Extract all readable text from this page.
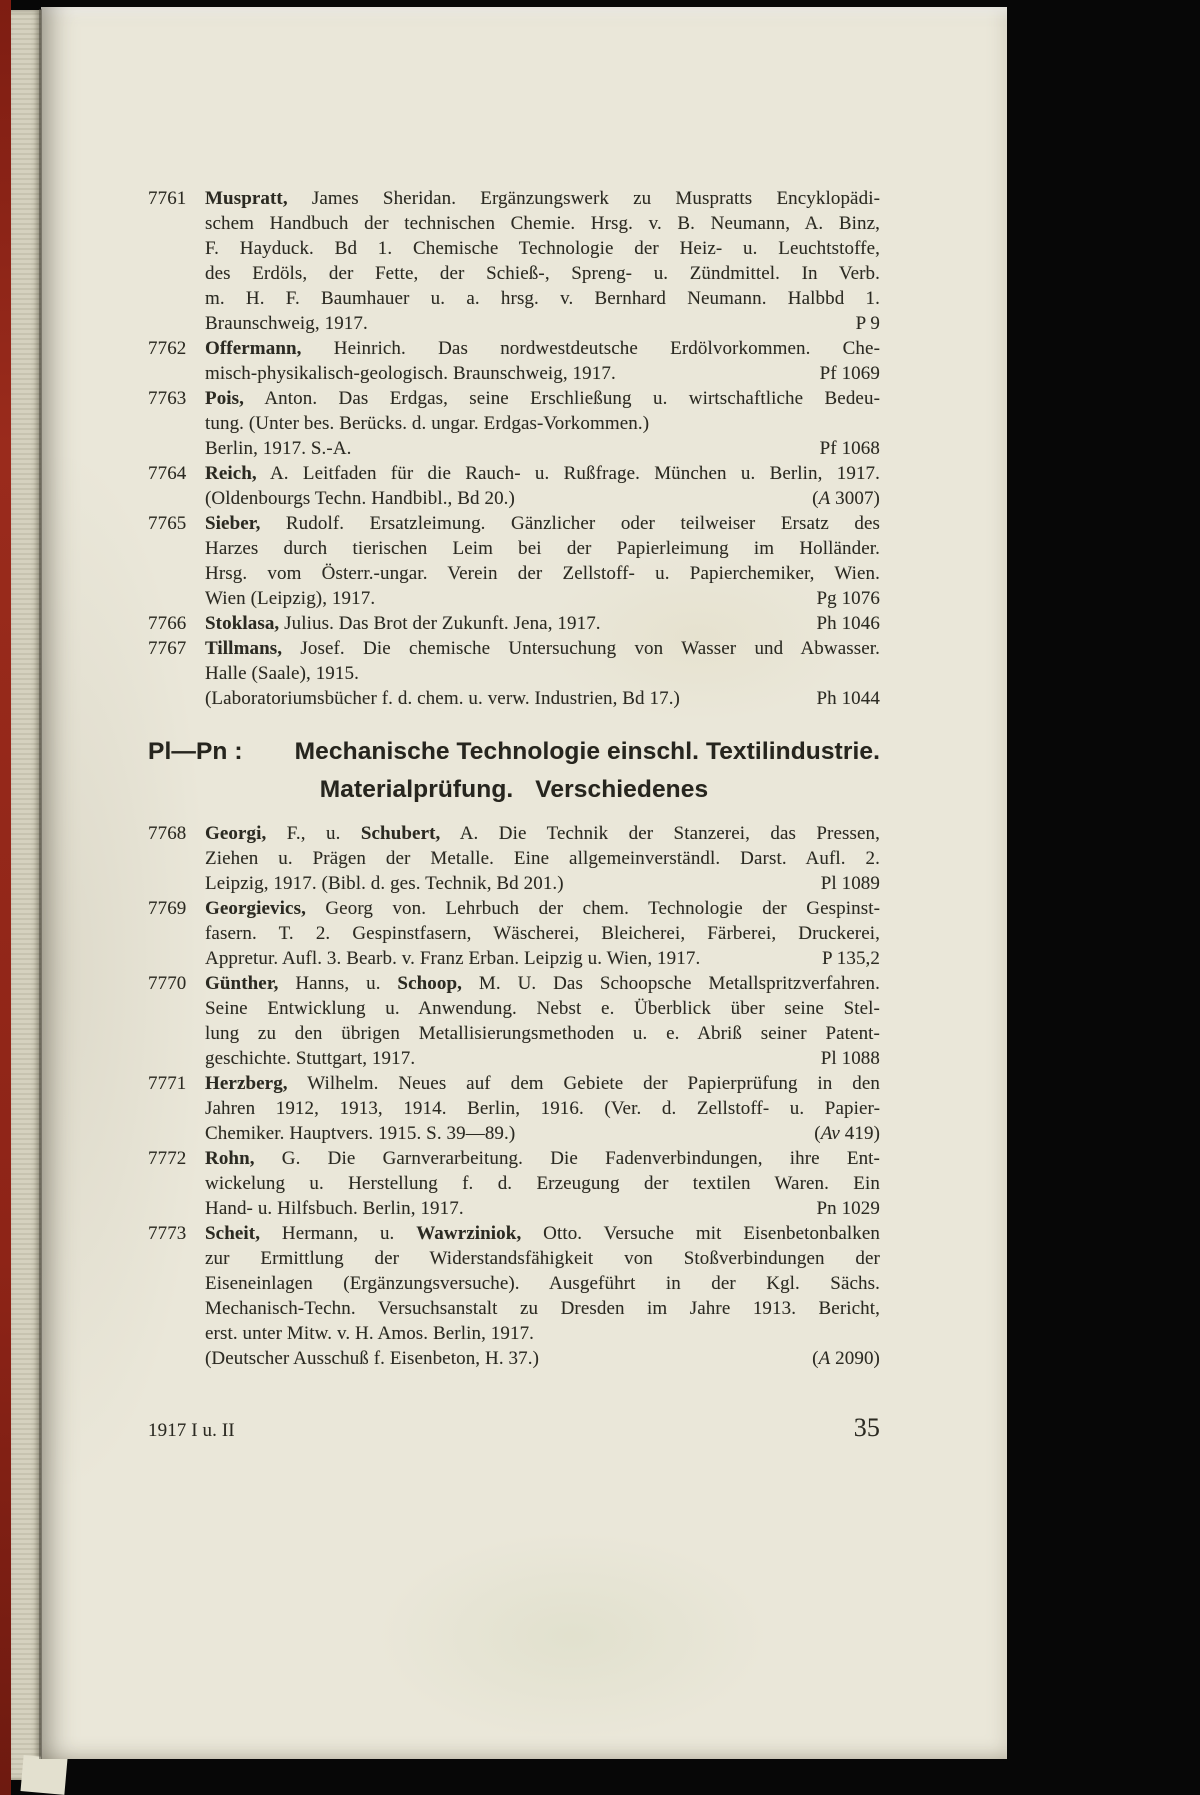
7761 Muspratt, James Sheridan. Ergänzungswerk zu Muspratts Encyklopädi-
schem Handbuch der technischen Chemie. Hrsg. v. B. Neumann, A. Binz,
F. Hayduck. Bd 1. Chemische Technologie der Heiz- u. Leuchtstoffe,
des Erdöls, der Fette, der Schieß-, Spreng- u. Zündmittel. In Verb.
m. H. F. Baumhauer u. a. hrsg. v. Bernhard Neumann. Halbbd 1.
Braunschweig, 1917.	P 9
7762 Offermann, Heinrich. Das nordwestdeutsche Erdölvorkommen. Che-
misch-physikalisch-geologisch. Braunschweig, 1917.	Pf 1069
7763 Pois, Anton. Das Erdgas, seine Erschließung u. wirtschaftliche Bedeu-
tung. (Unter bes. Berücks. d. ungar. Erdgas-Vorkommen.)
Berlin, 1917. S.-A.	Pf 1068
7764 Reich, A. Leitfaden für die Rauch- u. Rußfrage. München u. Berlin, 1917.
(Oldenbourgs Techn. Handbibl., Bd 20.)	(A 3007)
7765 Sieber, Rudolf. Ersatzleimung. Gänzlicher oder teilweiser Ersatz des
Harzes durch tierischen Leim bei der Papierleimung im Holländer.
Hrsg. vom Österr.-ungar. Verein der Zellstoff- u. Papierchemiker, Wien.
Wien (Leipzig), 1917.	Pg 1076
7766 Stoklasa, Julius. Das Brot der Zukunft. Jena, 1917.	Ph 1046
7767 Tillmans, Josef. Die chemische Untersuchung von Wasser und Abwasser.
Halle (Saale), 1915.
(Laboratoriumsbücher f. d. chem. u. verw. Industrien, Bd 17.)	Ph 1044
Pl—Pn : Mechanische Technologie einschl. Textilindustrie.
Materialprüfung. Verschiedenes
7768 Georgi, F., u. Schubert, A. Die Technik der Stanzerei, das Pressen,
Ziehen u. Prägen der Metalle. Eine allgemeinverständl. Darst. Aufl. 2.
Leipzig, 1917. (Bibl. d. ges. Technik, Bd 201.)	Pl 1089
7769 Georgievics, Georg von. Lehrbuch der chem. Technologie der Gespinst-
fasern. T. 2. Gespinstfasern, Wäscherei, Bleicherei, Färberei, Druckerei,
Appretur. Aufl. 3. Bearb. v. Franz Erban. Leipzig u. Wien, 1917.	P 135,2
7770 Günther, Hanns, u. Schoop, M. U. Das Schoopsche Metallspritzverfahren.
Seine Entwicklung u. Anwendung. Nebst e. Überblick über seine Stel-
lung zu den übrigen Metallisierungsmethoden u. e. Abriß seiner Patent-
geschichte. Stuttgart, 1917.	Pl 1088
7771 Herzberg, Wilhelm. Neues auf dem Gebiete der Papierprüfung in den
Jahren 1912, 1913, 1914. Berlin, 1916. (Ver. d. Zellstoff- u. Papier-
Chemiker. Hauptvers. 1915. S. 39—89.)	(Av 419)
7772 Rohn, G. Die Garnverarbeitung. Die Fadenverbindungen, ihre Ent-
wickelung u. Herstellung f. d. Erzeugung der textilen Waren. Ein
Hand- u. Hilfsbuch. Berlin, 1917.	Pn 1029
7773 Scheit, Hermann, u. Wawrziniok, Otto. Versuche mit Eisenbetonbalken
zur Ermittlung der Widerstandsfähigkeit von Stoßverbindungen der
Eiseneinlagen (Ergänzungsversuche). Ausgeführt in der Kgl. Sächs.
Mechanisch-Techn. Versuchsanstalt zu Dresden im Jahre 1913. Bericht,
erst. unter Mitw. v. H. Amos. Berlin, 1917.
(Deutscher Ausschuß f. Eisenbeton, H. 37.)	(A 2090)
1917 I u. II	35
